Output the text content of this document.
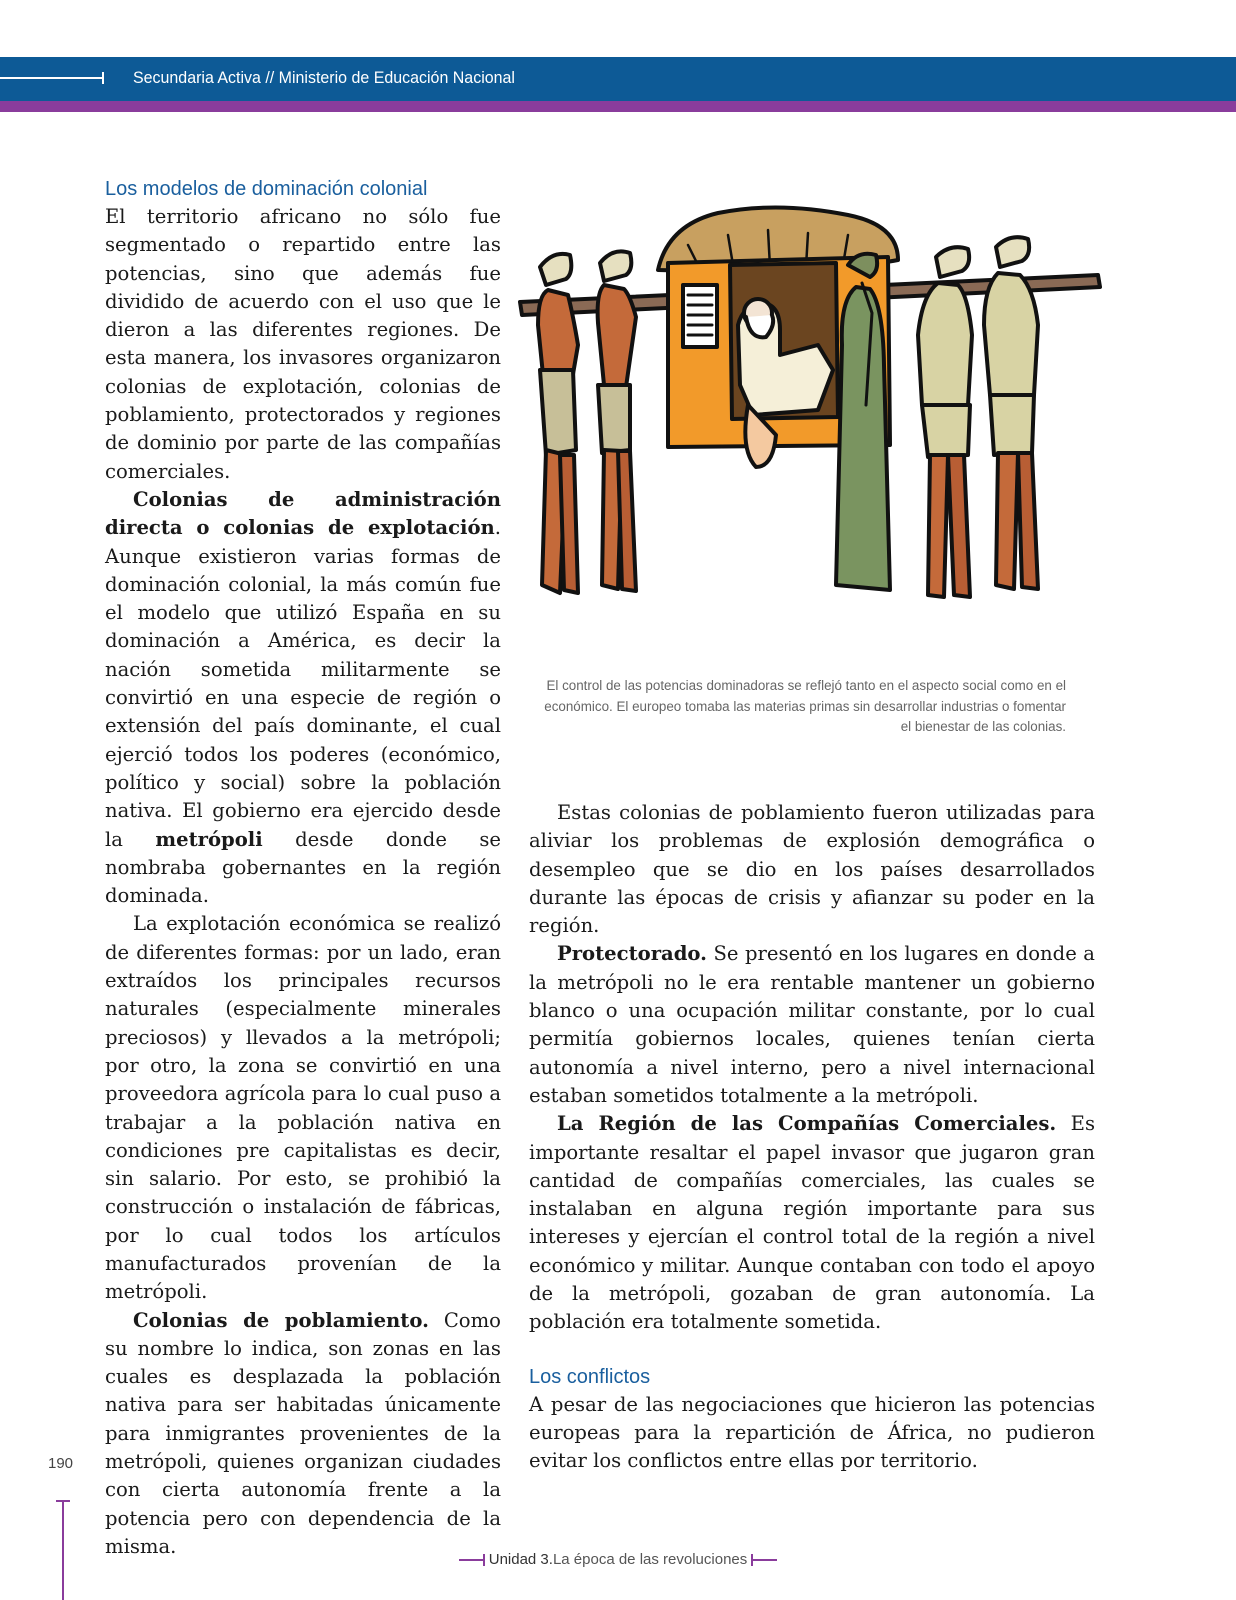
Secundaria Activa // Ministerio de Educación Nacional
Los modelos de dominación colonial

El territorio africano no sólo fue segmentado o repartido entre las potencias, sino que además fue dividido de acuerdo con el uso que le dieron a las diferentes regiones. De esta manera, los invasores organizaron colonias de explotación, colonias de poblamiento, protectorados y regiones de dominio por parte de las compañías comerciales.

Colonias de administración directa o colonias de explotación. Aunque existieron varias formas de dominación colonial, la más común fue el modelo que utilizó España en su dominación a América, es decir la nación sometida militarmente se convirtió en una especie de región o extensión del país dominante, el cual ejerció todos los poderes (económico, político y social) sobre la población nativa. El gobierno era ejercido desde la metrópoli desde donde se nombraba gobernantes en la región dominada.

La explotación económica se realizó de diferentes formas: por un lado, eran extraídos los principales recursos naturales (especialmente minerales preciosos) y llevados a la metrópoli; por otro, la zona se convirtió en una proveedora agrícola para lo cual puso a trabajar a la población nativa en condiciones pre capitalistas es decir, sin salario. Por esto, se prohibió la construcción o instalación de fábricas, por lo cual todos los artículos manufacturados provenían de la metrópoli.

Colonias de poblamiento. Como su nombre lo indica, son zonas en las cuales es desplazada la población nativa para ser habitadas únicamente para inmigrantes provenientes de la metrópoli, quienes organizan ciudades con cierta autonomía frente a la potencia pero con dependencia de la misma.

El control de las potencias dominadoras se reflejó tanto en el aspecto social como en el económico. El europeo tomaba las materias primas sin desarrollar industrias o fomentar el bienestar de las colonias.

Estas colonias de poblamiento fueron utilizadas para aliviar los problemas de explosión demográfica o desempleo que se dio en los países desarrollados durante las épocas de crisis y afianzar su poder en la región.

Protectorado. Se presentó en los lugares en donde a la metrópoli no le era rentable mantener un gobierno blanco o una ocupación militar constante, por lo cual permitía gobiernos locales, quienes tenían cierta autonomía a nivel interno, pero a nivel internacional estaban sometidos totalmente a la metrópoli.

La Región de las Compañías Comerciales. Es importante resaltar el papel invasor que jugaron gran cantidad de compañías comerciales, las cuales se instalaban en alguna región importante para sus intereses y ejercían el control total de la región a nivel económico y militar. Aunque contaban con todo el apoyo de la metrópoli, gozaban de gran autonomía. La población era totalmente sometida.

Los conflictos

A pesar de las negociaciones que hicieron las potencias europeas para la repartición de África, no pudieron evitar los conflictos entre ellas por territorio.

190
Unidad 3.La época de las revoluciones
